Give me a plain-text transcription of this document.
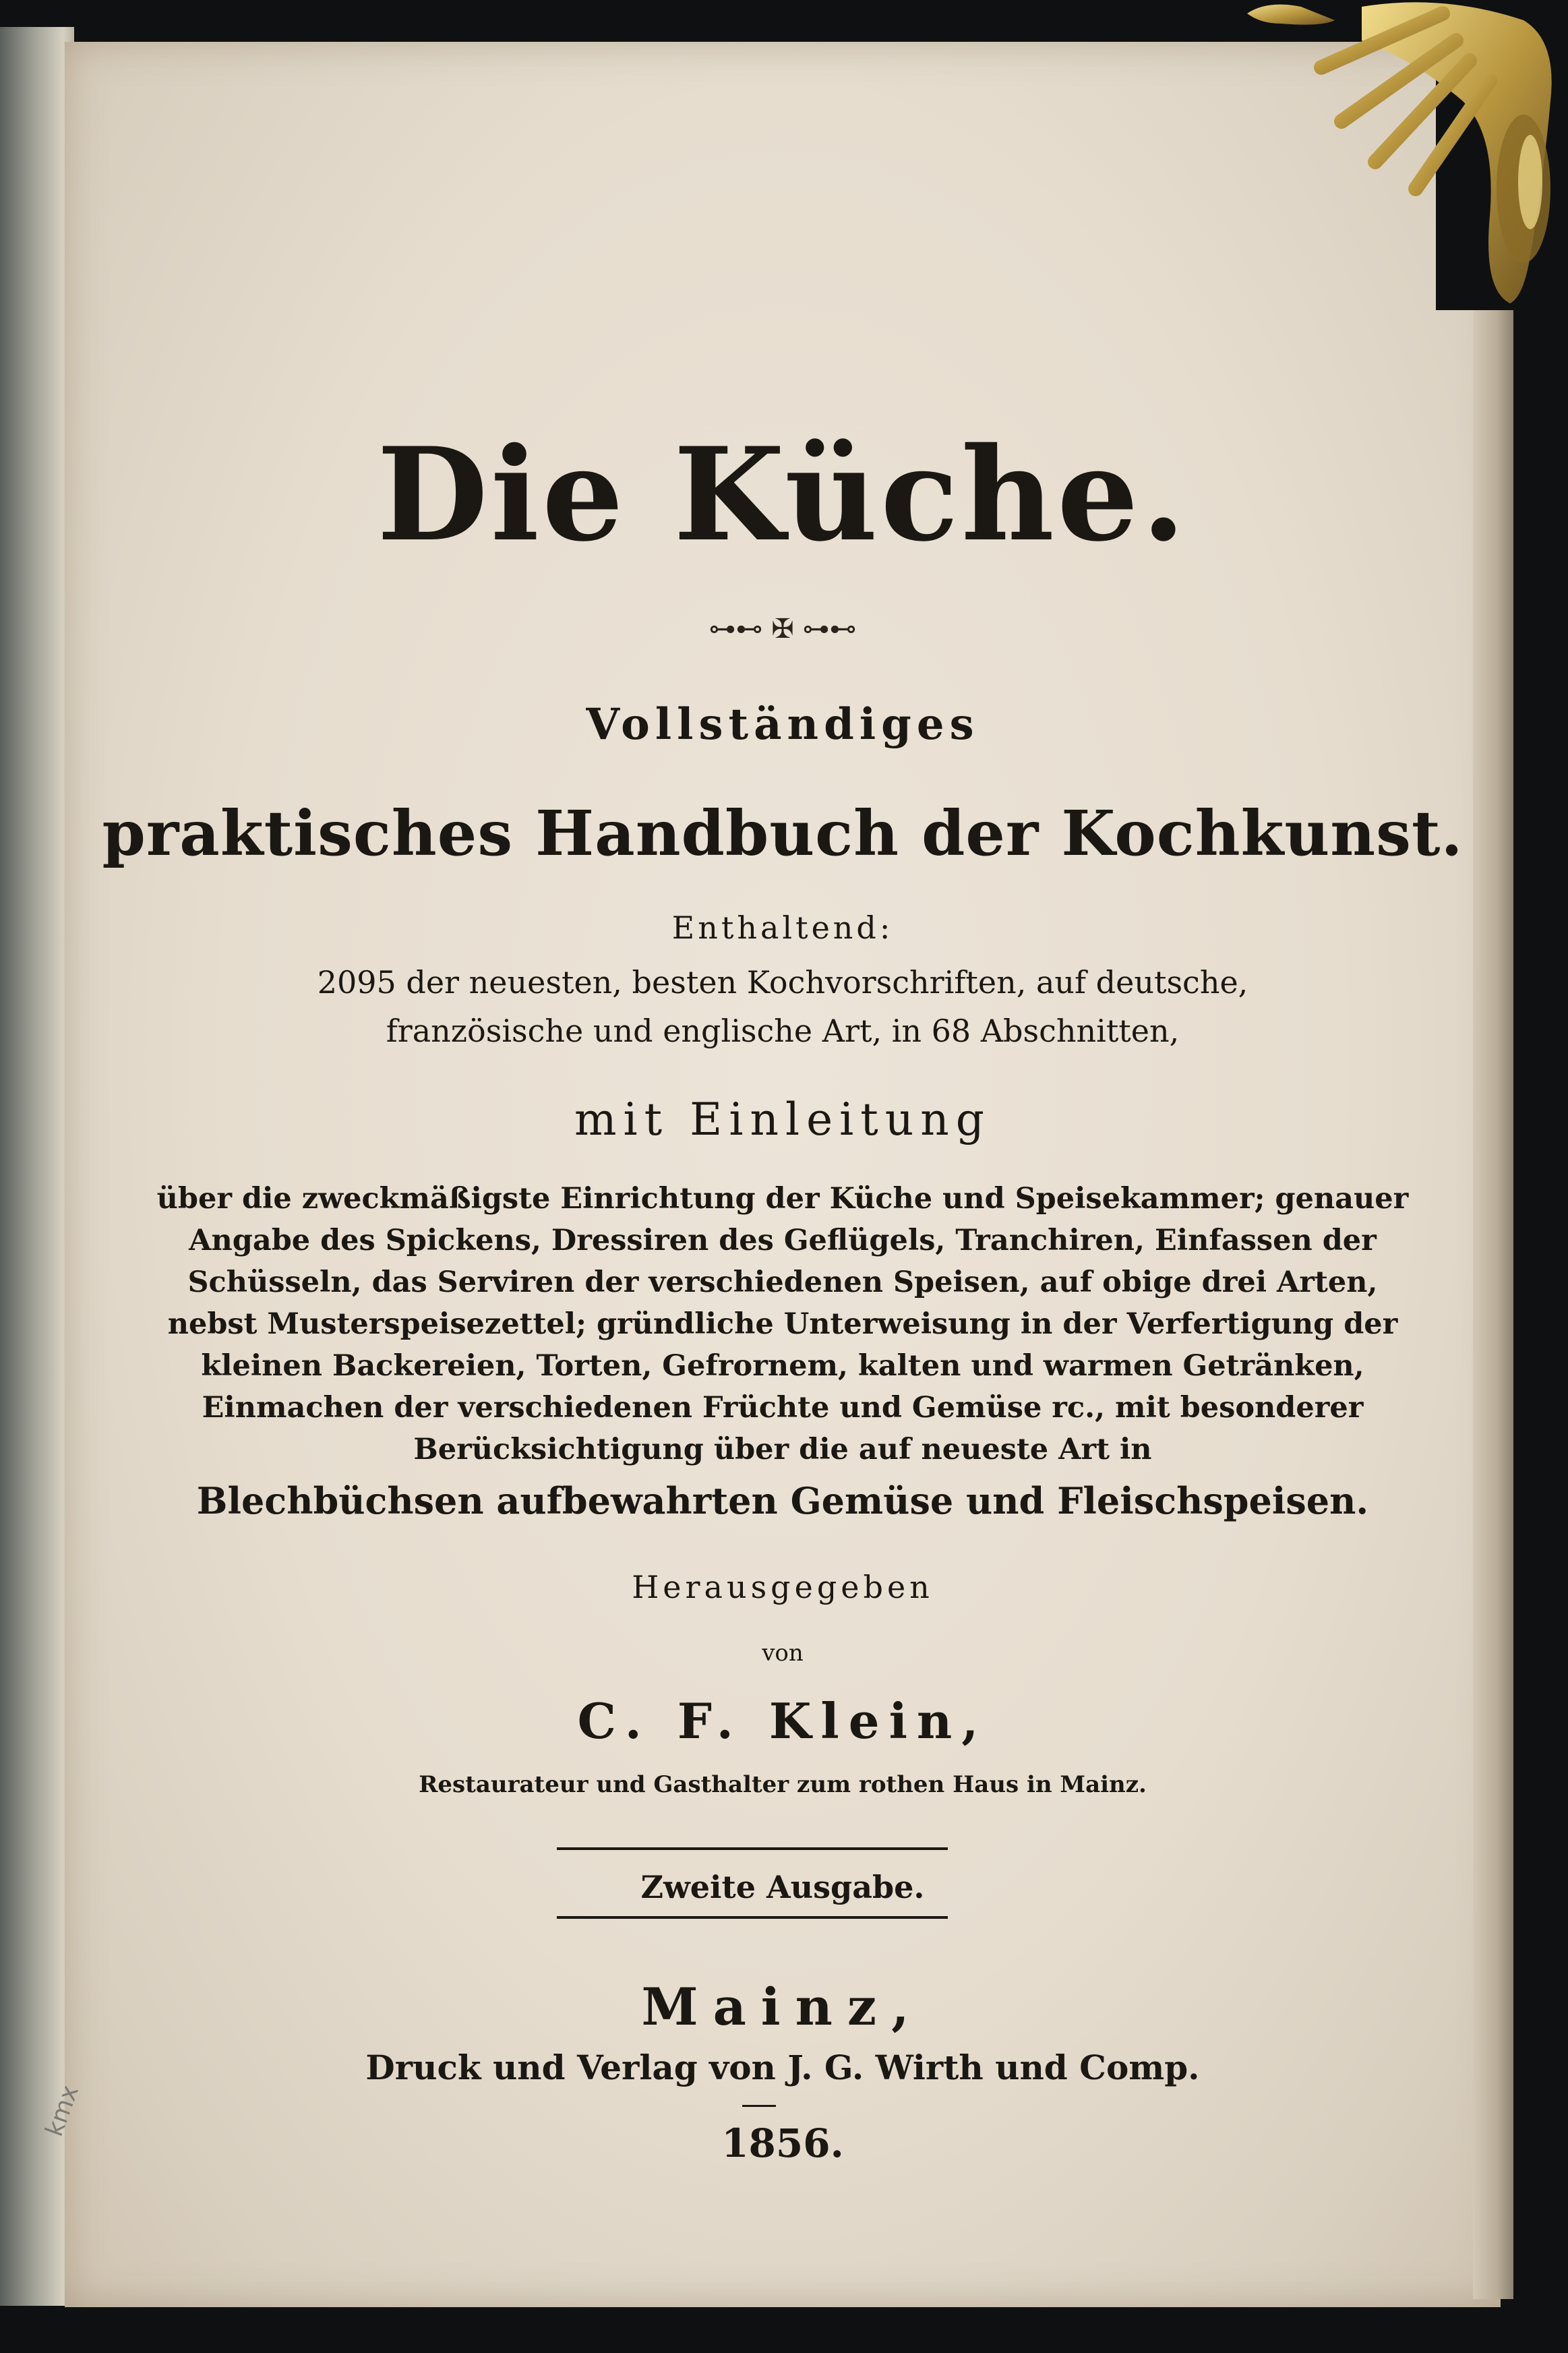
Die Küche.
⊶⊷ ✠ ⊶⊷
Vollständiges
praktisches Handbuch der Kochkunst.
Enthaltend:
2095 der neuesten, besten Kochvorschriften, auf deutsche,
französische und englische Art, in 68 Abschnitten,
mit Einleitung
über die zweckmäßigste Einrichtung der Küche und Speisekammer; genauer
Angabe des Spickens, Dressiren des Geflügels, Tranchiren, Einfassen der
Schüsseln, das Serviren der verschiedenen Speisen, auf obige drei Arten,
nebst Musterspeisezettel; gründliche Unterweisung in der Verfertigung der
kleinen Backereien, Torten, Gefrornem, kalten und warmen Getränken,
Einmachen der verschiedenen Früchte und Gemüse rc., mit besonderer
Berücksichtigung über die auf neueste Art in
Blechbüchsen aufbewahrten Gemüse und Fleischspeisen.
Herausgegeben
von
C. F. Klein,
Restaurateur und Gasthalter zum rothen Haus in Mainz.
Zweite Ausgabe.
Mainz,
Druck und Verlag von J. G. Wirth und Comp.
1856.
kmx
